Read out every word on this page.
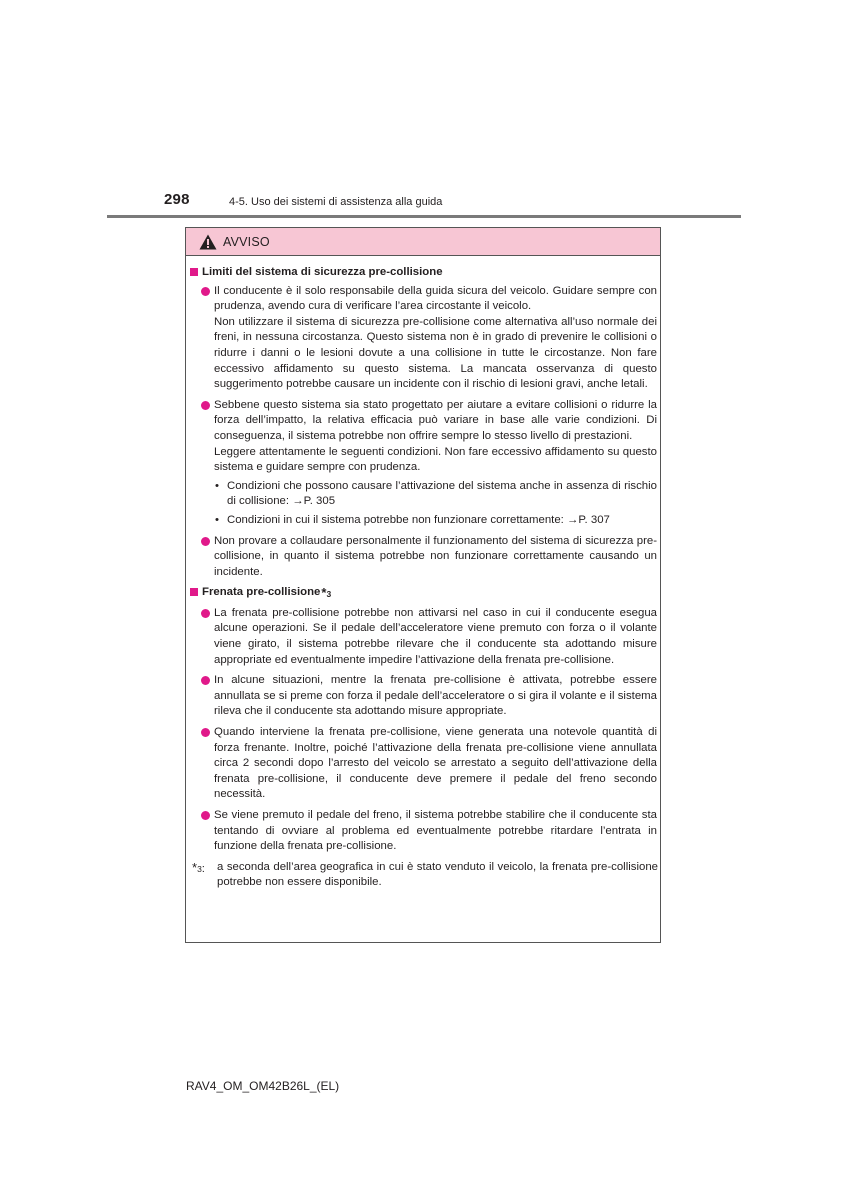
298	4-5. Uso dei sistemi di assistenza alla guida
AVVISO
Limiti del sistema di sicurezza pre-collisione

Il conducente è il solo responsabile della guida sicura del veicolo. Guidare sempre con prudenza, avendo cura di verificare l’area circostante il veicolo.

Non utilizzare il sistema di sicurezza pre-collisione come alternativa all’uso normale dei freni, in nessuna circostanza. Questo sistema non è in grado di prevenire le collisioni o ridurre i danni o le lesioni dovute a una collisione in tutte le circostanze. Non fare eccessivo affidamento su questo sistema. La mancata osservanza di questo suggerimento potrebbe causare un incidente con il rischio di lesioni gravi, anche letali.

Sebbene questo sistema sia stato progettato per aiutare a evitare collisioni o ridurre la forza dell’impatto, la relativa efficacia può variare in base alle varie condizioni. Di conseguenza, il sistema potrebbe non offrire sempre lo stesso livello di prestazioni.

Leggere attentamente le seguenti condizioni. Non fare eccessivo affidamento su questo sistema e guidare sempre con prudenza.

• Condizioni che possono causare l’attivazione del sistema anche in assenza di rischio di collisione: →P. 305
• Condizioni in cui il sistema potrebbe non funzionare correttamente: →P. 307

Non provare a collaudare personalmente il funzionamento del sistema di sicurezza pre-collisione, in quanto il sistema potrebbe non funzionare correttamente causando un incidente.

Frenata pre-collisione *3

La frenata pre-collisione potrebbe non attivarsi nel caso in cui il conducente esegua alcune operazioni. Se il pedale dell’acceleratore viene premuto con forza o il volante viene girato, il sistema potrebbe rilevare che il conducente sta adottando misure appropriate ed eventualmente impedire l’attivazione della frenata pre-collisione.

In alcune situazioni, mentre la frenata pre-collisione è attivata, potrebbe essere annullata se si preme con forza il pedale dell’acceleratore o si gira il volante e il sistema rileva che il conducente sta adottando misure appropriate.

Quando interviene la frenata pre-collisione, viene generata una notevole quantità di forza frenante. Inoltre, poiché l’attivazione della frenata pre-collisione viene annullata circa 2 secondi dopo l’arresto del veicolo se arrestato a seguito dell’attivazione della frenata pre-collisione, il conducente deve premere il pedale del freno secondo necessità.

Se viene premuto il pedale del freno, il sistema potrebbe stabilire che il conducente sta tentando di ovviare al problema ed eventualmente potrebbe ritardare l’entrata in funzione della frenata pre-collisione.

*3:	a seconda dell’area geografica in cui è stato venduto il veicolo, la frenata pre-collisione potrebbe non essere disponibile.
RAV4_OM_OM42B26L_(EL)
